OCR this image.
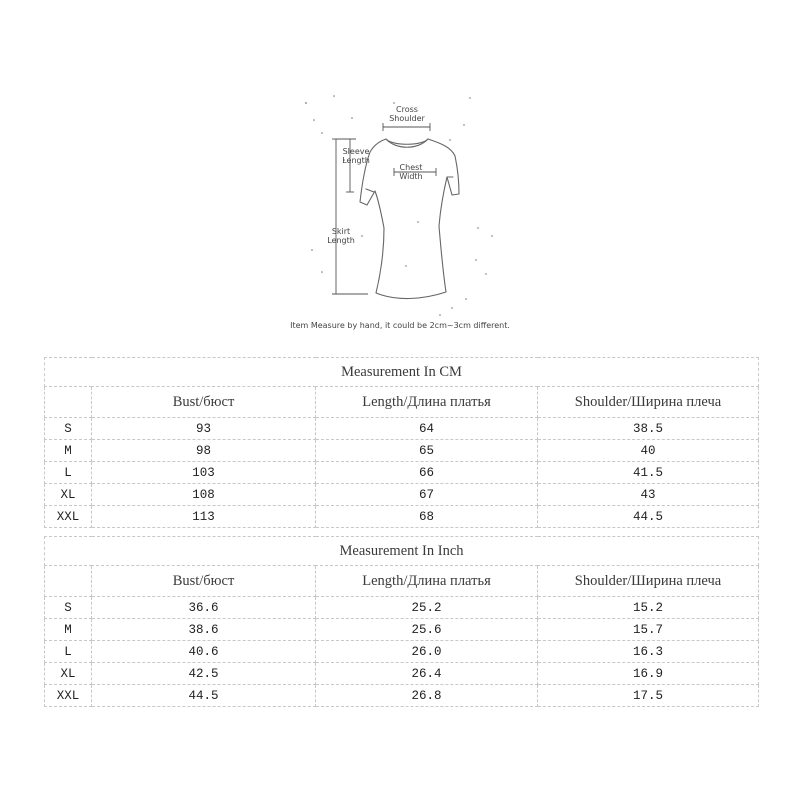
Cross
Shoulder
Sleeve
Length
Chest
Width
Skirt
Length
Item Measure by hand, it could be 2cm~3cm different.
Measurement In CM			
	Bust/бюст	Length/Длина платья	Shoulder/Ширина плеча
S	93	64	38.5
M	98	65	40
L	103	66	41.5
XL	108	67	43
XXL	113	68	44.5
Measurement In Inch			
	Bust/бюст	Length/Длина платья	Shoulder/Ширина плеча
S	36.6	25.2	15.2
M	38.6	25.6	15.7
L	40.6	26.0	16.3
XL	42.5	26.4	16.9
XXL	44.5	26.8	17.5
